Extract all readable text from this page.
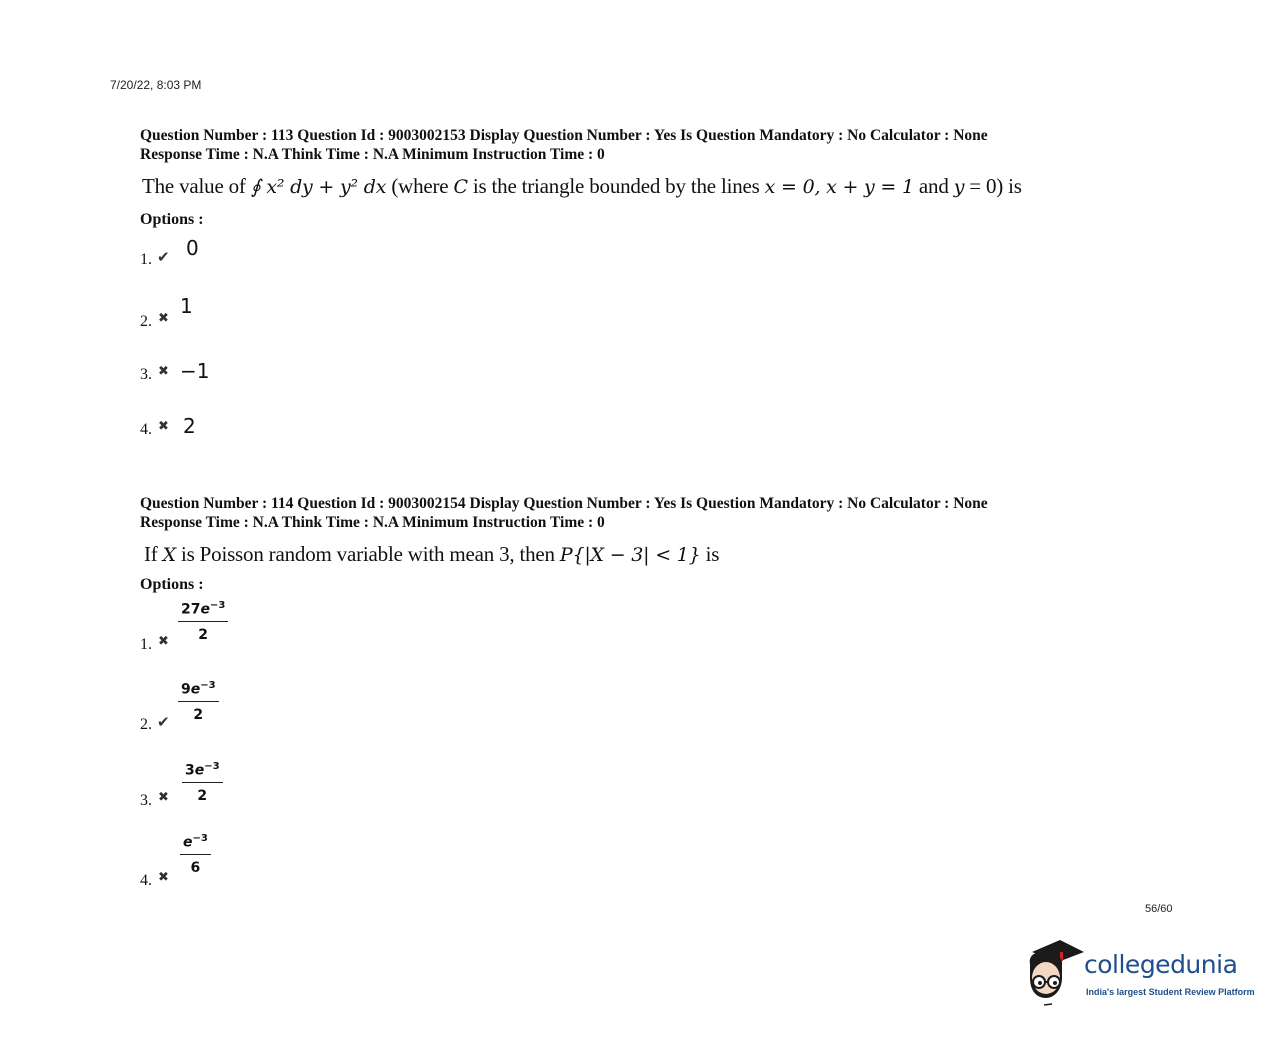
7/20/22, 8:03 PM
Question Number : 113 Question Id : 9003002153 Display Question Number : Yes Is Question Mandatory : No Calculator : None
Response Time : N.A Think Time : N.A Minimum Instruction Time : 0
The value of ∮ x² dy + y² dx (where C is the triangle bounded by the lines x = 0, x + y = 1 and y = 0) is
Options :
1. ✔ 0
2. ✖
1
3. ✖ −1
4. ✖ 2
Question Number : 114 Question Id : 9003002154 Display Question Number : Yes Is Question Mandatory : No Calculator : None
Response Time : N.A Think Time : N.A Minimum Instruction Time : 0
If X is Poisson random variable with mean 3, then P{|X − 3| < 1} is
Options :
1. ✖ $\frac{27e^{-3}}{2}$
2. ✔ $\frac{9e^{-3}}{2}$
3. ✖ $\frac{3e^{-3}}{2}$
4. ✖
$\frac{e^{-3}}{6}$
56/60
collegedunia
India's largest Student Review Platform
